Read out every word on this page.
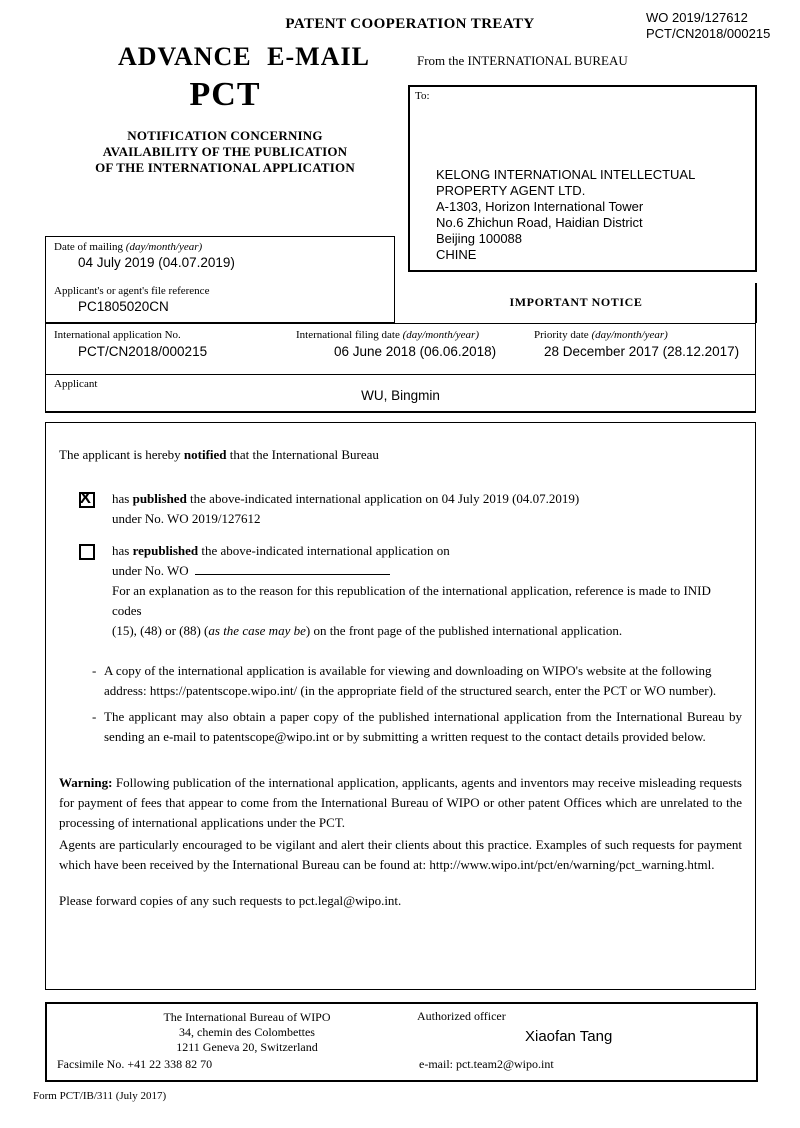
PATENT COOPERATION TREATY	WO 2019/127612
PCT/CN2018/000215
ADVANCE E-MAIL	From the INTERNATIONAL BUREAU
PCT
NOTIFICATION CONCERNING
AVAILABILITY OF THE PUBLICATION
OF THE INTERNATIONAL APPLICATION
To:
KELONG INTERNATIONAL INTELLECTUAL
PROPERTY AGENT LTD.
A-1303, Horizon International Tower
No.6 Zhichun Road, Haidian District
Beijing 100088
CHINE
Date of mailing (day/month/year)
04 July 2019 (04.07.2019)
Applicant's or agent's file reference
PC1805020CN	IMPORTANT NOTICE
International application No.
PCT/CN2018/000215
International filing date (day/month/year)
06 June 2018 (06.06.2018)
Priority date (day/month/year)
28 December 2017 (28.12.2017)
Applicant
WU, Bingmin
The applicant is hereby notified that the International Bureau
X has published the above-indicated international application on 04 July 2019 (04.07.2019)
under No. WO 2019/127612
has republished the above-indicated international application on
under No. WO
For an explanation as to the reason for this republication of the international application, reference is made to INID codes
(15), (48) or (88) (as the case may be) on the front page of the published international application.
- A copy of the international application is available for viewing and downloading on WIPO's website at the following address: https://patentscope.wipo.int/ (in the appropriate field of the structured search, enter the PCT or WO number).
- The applicant may also obtain a paper copy of the published international application from the International Bureau by sending an e-mail to patentscope@wipo.int or by submitting a written request to the contact details provided below.
Warning: Following publication of the international application, applicants, agents and inventors may receive misleading requests for payment of fees that appear to come from the International Bureau of WIPO or other patent Offices which are unrelated to the processing of international applications under the PCT.
Agents are particularly encouraged to be vigilant and alert their clients about this practice. Examples of such requests for payment which have been received by the International Bureau can be found at: http://www.wipo.int/pct/en/warning/pct_warning.html.
Please forward copies of any such requests to pct.legal@wipo.int.
The International Bureau of WIPO
34, chemin des Colombettes
1211 Geneva 20, Switzerland
Authorized officer
Xiaofan Tang
Facsimile No. +41 22 338 82 70	e-mail: pct.team2@wipo.int
Form PCT/IB/311 (July 2017)
